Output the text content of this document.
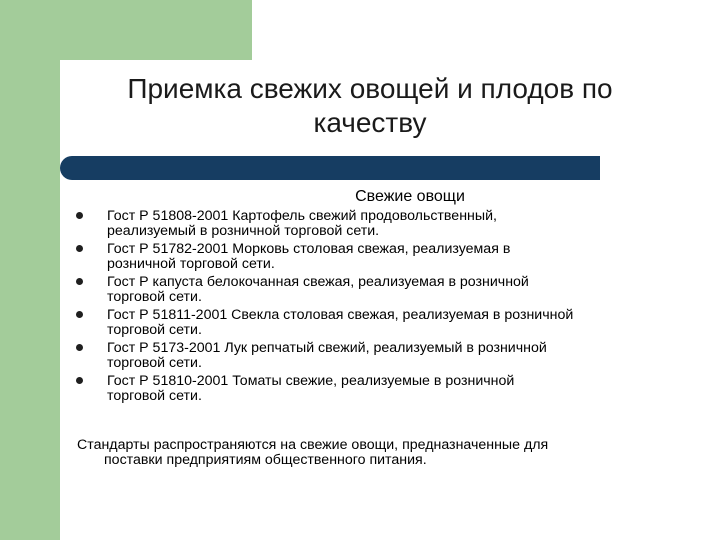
Приемка свежих овощей и плодов по
качеству
Свежие овощи
Гост Р 51808-2001 Картофель свежий продовольственный,
реализуемый в розничной торговой сети.
Гост Р 51782-2001 Морковь столовая свежая, реализуемая в
розничной торговой сети.
Гост Р капуста белокочанная свежая, реализуемая в розничной
торговой сети.
Гост Р 51811-2001 Свекла столовая свежая, реализуемая в розничной
торговой сети.
Гост Р 5173-2001 Лук репчатый свежий, реализуемый в розничной
торговой сети.
Гост Р 51810-2001 Томаты свежие, реализуемые в розничной
торговой сети.
Стандарты распространяются на свежие овощи, предназначенные для
поставки предприятиям общественного питания.
